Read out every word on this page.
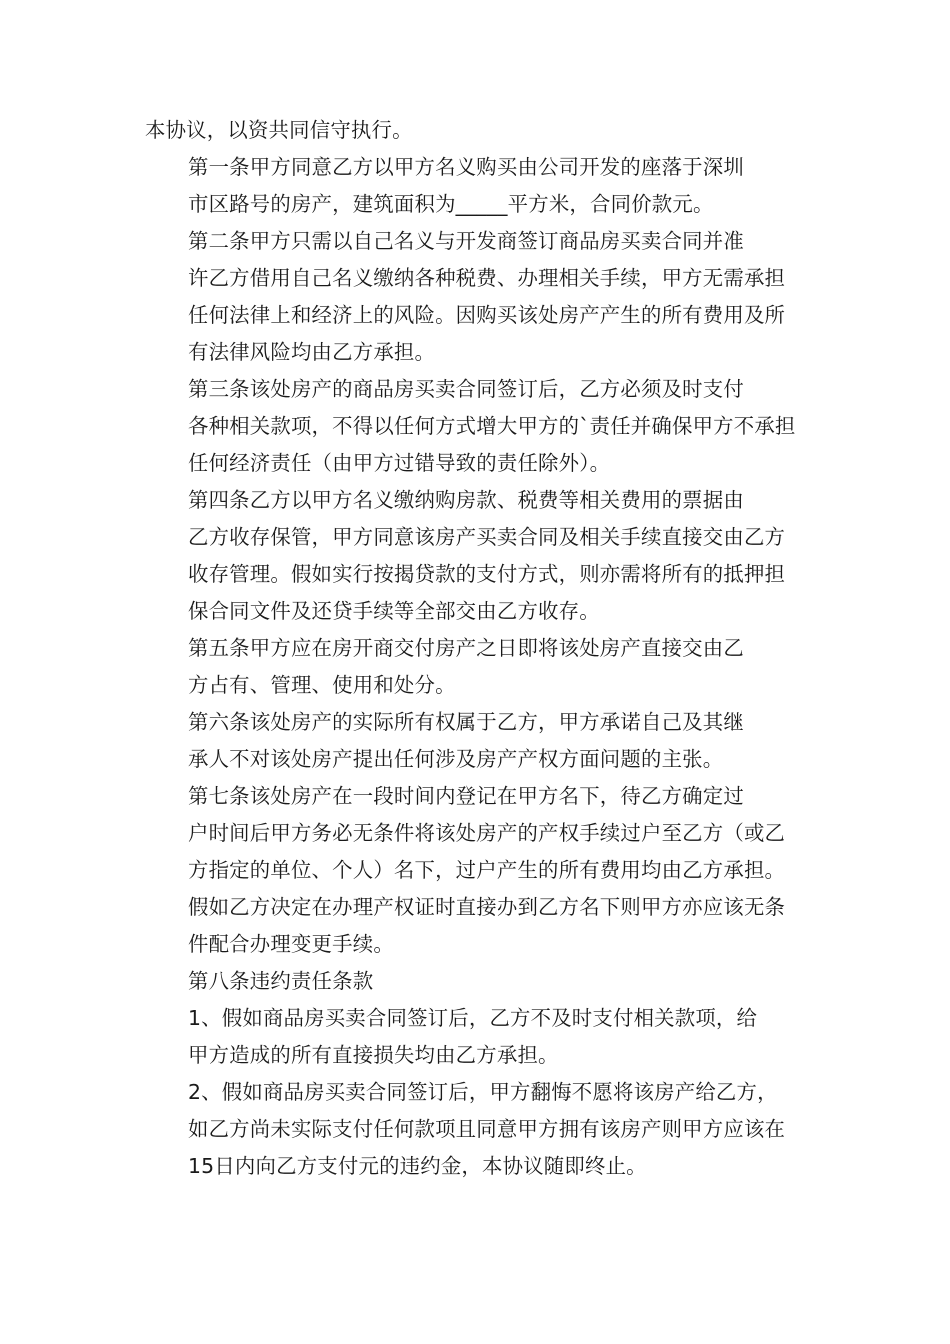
本协议，以资共同信守执行。

第一条甲方同意乙方以甲方名义购买由公司开发的座落于深圳
市区路号的房产，建筑面积为_____平方米，合同价款元。

第二条甲方只需以自己名义与开发商签订商品房买卖合同并准
许乙方借用自己名义缴纳各种税费、办理相关手续，甲方无需承担
任何法律上和经济上的风险。因购买该处房产产生的所有费用及所
有法律风险均由乙方承担。

第三条该处房产的商品房买卖合同签订后，乙方必须及时支付
各种相关款项，不得以任何方式增大甲方的`责任并确保甲方不承担
任何经济责任（由甲方过错导致的责任除外）。

第四条乙方以甲方名义缴纳购房款、税费等相关费用的票据由
乙方收存保管，甲方同意该房产买卖合同及相关手续直接交由乙方
收存管理。假如实行按揭贷款的支付方式，则亦需将所有的抵押担
保合同文件及还贷手续等全部交由乙方收存。

第五条甲方应在房开商交付房产之日即将该处房产直接交由乙
方占有、管理、使用和处分。

第六条该处房产的实际所有权属于乙方，甲方承诺自己及其继
承人不对该处房产提出任何涉及房产产权方面问题的主张。

第七条该处房产在一段时间内登记在甲方名下，待乙方确定过
户时间后甲方务必无条件将该处房产的产权手续过户至乙方（或乙
方指定的单位、个人）名下，过户产生的所有费用均由乙方承担。
假如乙方决定在办理产权证时直接办到乙方名下则甲方亦应该无条
件配合办理变更手续。

第八条违约责任条款

1、假如商品房买卖合同签订后，乙方不及时支付相关款项，给
甲方造成的所有直接损失均由乙方承担。

2、假如商品房买卖合同签订后，甲方翻悔不愿将该房产给乙方，
如乙方尚未实际支付任何款项且同意甲方拥有该房产则甲方应该在
15日内向乙方支付元的违约金，本协议随即终止。
